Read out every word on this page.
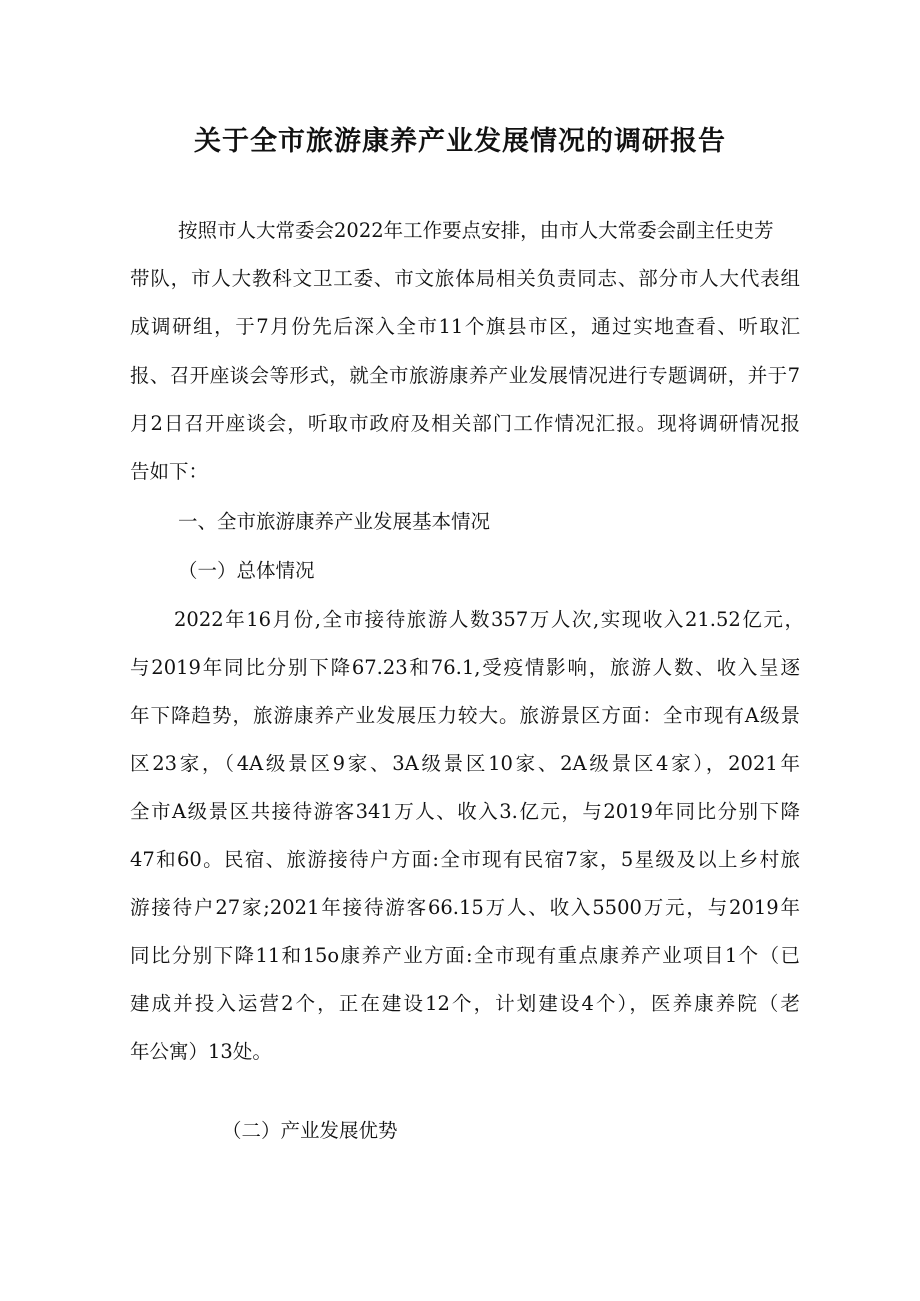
关于全市旅游康养产业发展情况的调研报告

按照市人大常委会2022年工作要点安排，由市人大常委会副主任史芳

带队，市人大教科文卫工委、市文旅体局相关负责同志、部分市人大代表组

成调研组，于7月份先后深入全市11个旗县市区，通过实地查看、听取汇

报、召开座谈会等形式，就全市旅游康养产业发展情况进行专题调研，并于7

月2日召开座谈会，听取市政府及相关部门工作情况汇报。现将调研情况报

告如下：

一、全市旅游康养产业发展基本情况

（一）总体情况

2022年16月份,全市接待旅游人数357万人次,实现收入21.52亿元，

与2019年同比分别下降67.23和76.1,受疫情影响，旅游人数、收入呈逐

年下降趋势，旅游康养产业发展压力较大。旅游景区方面：全市现有A级景

区23家，（4A级景区9家、3A级景区10家、2A级景区4家），2021年

全市A级景区共接待游客341万人、收入3.亿元，与2019年同比分别下降

47和60。民宿、旅游接待户方面:全市现有民宿7家，5星级及以上乡村旅

游接待户27家;2021年接待游客66.15万人、收入5500万元，与2019年

同比分别下降11和15o康养产业方面:全市现有重点康养产业项目1个（已

建成并投入运营2个，正在建设12个，计划建设4个），医养康养院（老

年公寓）13处。

（二）产业发展优势
